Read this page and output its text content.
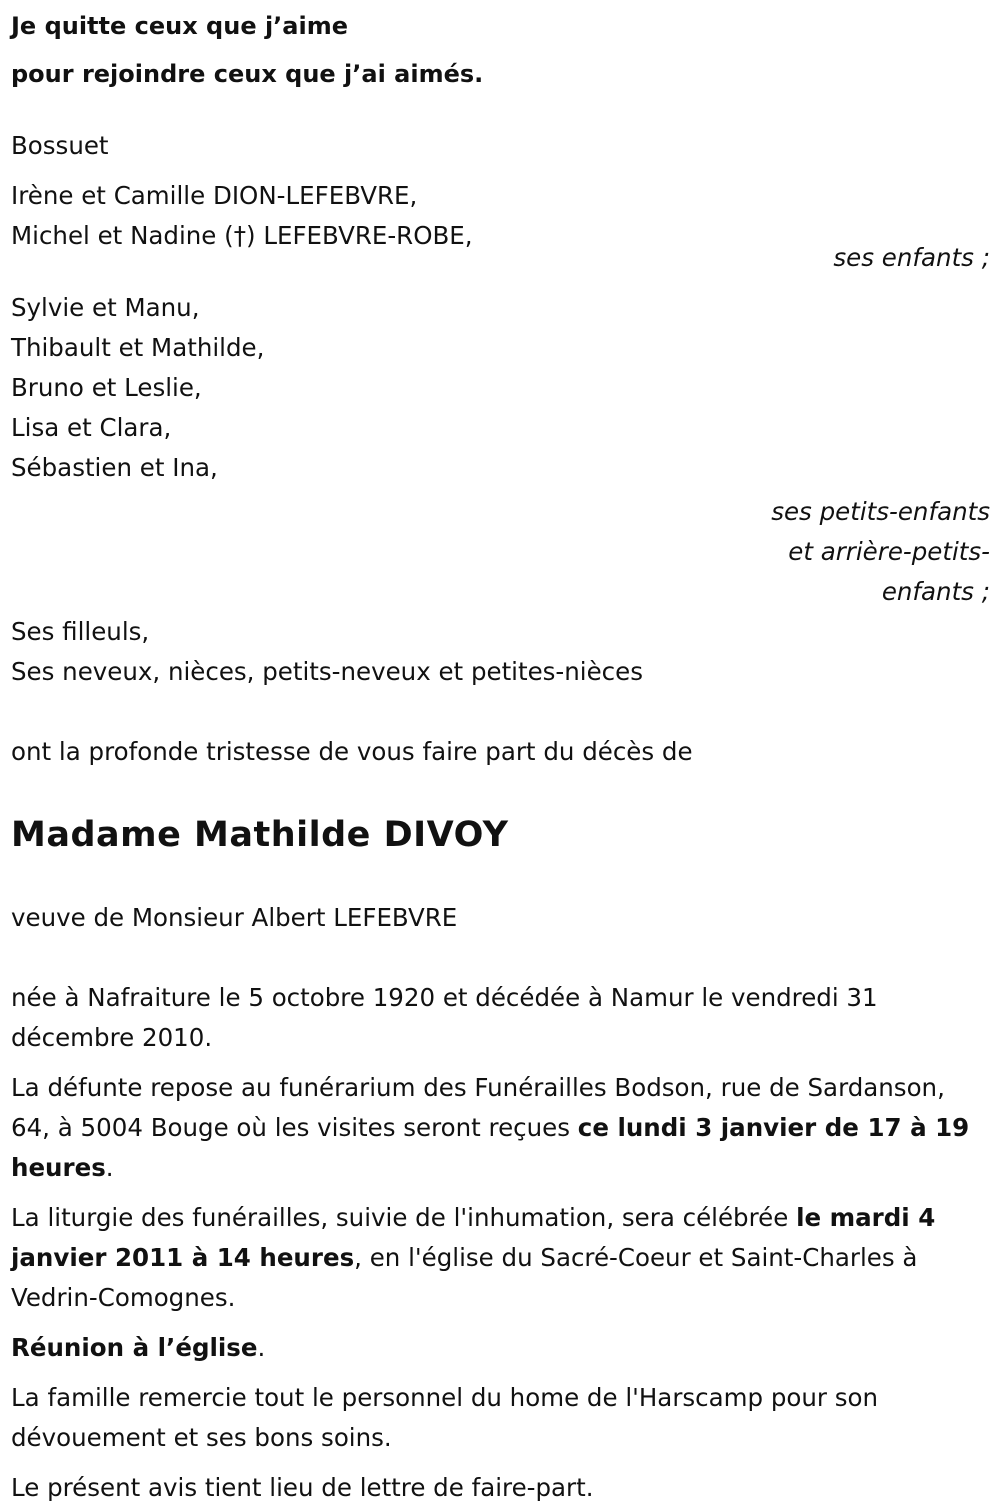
Je quitte ceux que j’aime

pour rejoindre ceux que j’ai aimés.

Bossuet

Irène et Camille DION-LEFEBVRE,

Michel et Nadine (†) LEFEBVRE-ROBE,

ses enfants ;

Sylvie et Manu,

Thibault et Mathilde,

Bruno et Leslie,

Lisa et Clara,

Sébastien et Ina,

ses petits-enfants

et arrière-petits-

enfants ;

Ses filleuls,

Ses neveux, nièces, petits-neveux et petites-nièces

ont la profonde tristesse de vous faire part du décès de

Madame Mathilde DIVOY

veuve de Monsieur Albert LEFEBVRE

née à Nafraiture le 5 octobre 1920 et décédée à Namur le vendredi 31 décembre 2010.

La défunte repose au funérarium des Funérailles Bodson, rue de Sardanson, 64, à 5004 Bouge où les visites seront reçues ce lundi 3 janvier de 17 à 19 heures.

La liturgie des funérailles, suivie de l'inhumation, sera célébrée le mardi 4 janvier 2011 à 14 heures, en l'église du Sacré-Coeur et Saint-Charles à Vedrin-Comognes.

Réunion à l’église.

La famille remercie tout le personnel du home de l'Harscamp pour son dévouement et ses bons soins.

Le présent avis tient lieu de lettre de faire-part.
